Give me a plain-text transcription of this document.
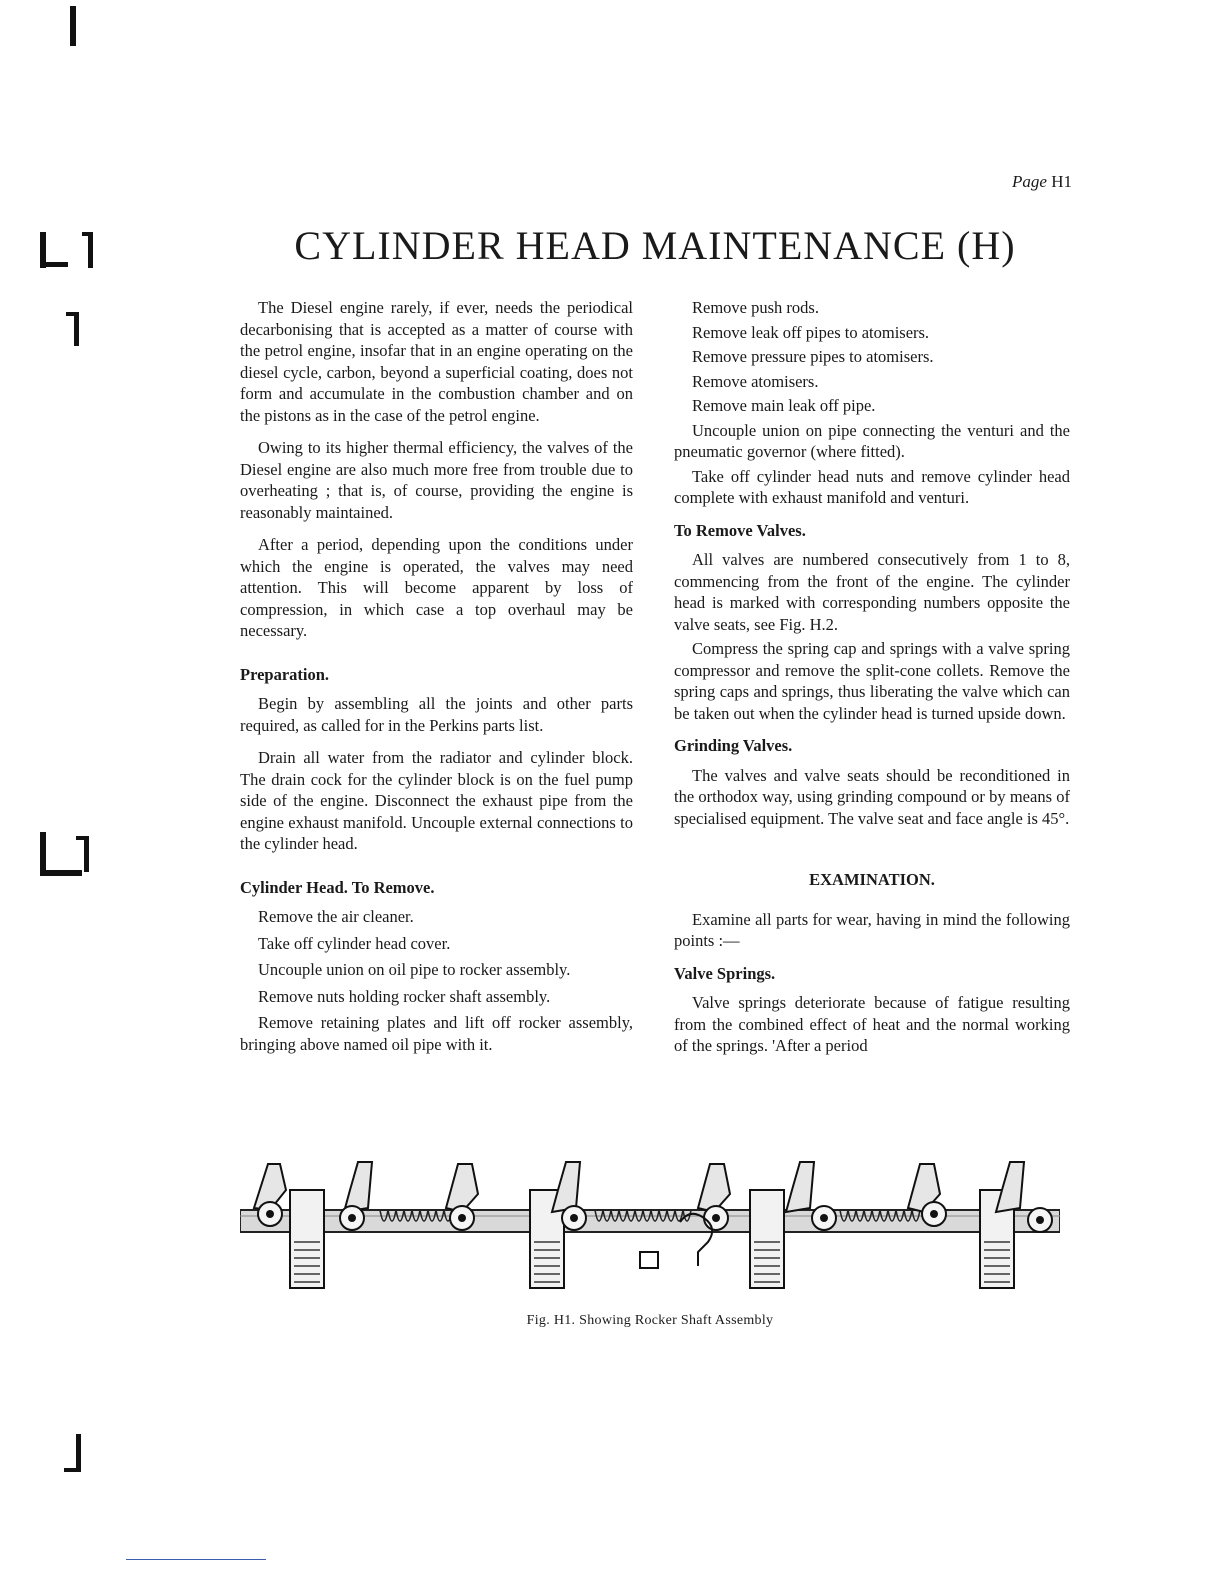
Page H1
CYLINDER HEAD MAINTENANCE (H)

The Diesel engine rarely, if ever, needs the periodical decarbonising that is accepted as a matter of course with the petrol engine, insofar that in an engine operating on the diesel cycle, carbon, beyond a superficial coating, does not form and accumulate in the combustion chamber and on the pistons as in the case of the petrol engine.

Owing to its higher thermal efficiency, the valves of the Diesel engine are also much more free from trouble due to overheating ; that is, of course, providing the engine is reasonably maintained.

After a period, depending upon the conditions under which the engine is operated, the valves may need attention. This will become apparent by loss of compression, in which case a top overhaul may be necessary.

Preparation.

Begin by assembling all the joints and other parts required, as called for in the Perkins parts list.

Drain all water from the radiator and cylinder block. The drain cock for the cylinder block is on the fuel pump side of the engine. Disconnect the exhaust pipe from the engine exhaust manifold. Uncouple external connections to the cylinder head.

Cylinder Head. To Remove.

Remove the air cleaner.

Take off cylinder head cover.

Uncouple union on oil pipe to rocker assembly.

Remove nuts holding rocker shaft assembly.

Remove retaining plates and lift off rocker assembly, bringing above named oil pipe with it.

Remove push rods.

Remove leak off pipes to atomisers.

Remove pressure pipes to atomisers.

Remove atomisers.

Remove main leak off pipe.

Uncouple union on pipe connecting the venturi and the pneumatic governor (where fitted).

Take off cylinder head nuts and remove cylinder head complete with exhaust manifold and venturi.

To Remove Valves.

All valves are numbered consecutively from 1 to 8, commencing from the front of the engine. The cylinder head is marked with corresponding numbers opposite the valve seats, see Fig. H.2.

Compress the spring cap and springs with a valve spring compressor and remove the split-cone collets. Remove the spring caps and springs, thus liberating the valve which can be taken out when the cylinder head is turned upside down.

Grinding Valves.

The valves and valve seats should be reconditioned in the orthodox way, using grinding compound or by means of specialised equipment. The valve seat and face angle is 45°.

EXAMINATION.

Examine all parts for wear, having in mind the following points :—

Valve Springs.

Valve springs deteriorate because of fatigue resulting from the combined effect of heat and the normal working of the springs. 'After a period

Fig. H1. Showing Rocker Shaft Assembly
